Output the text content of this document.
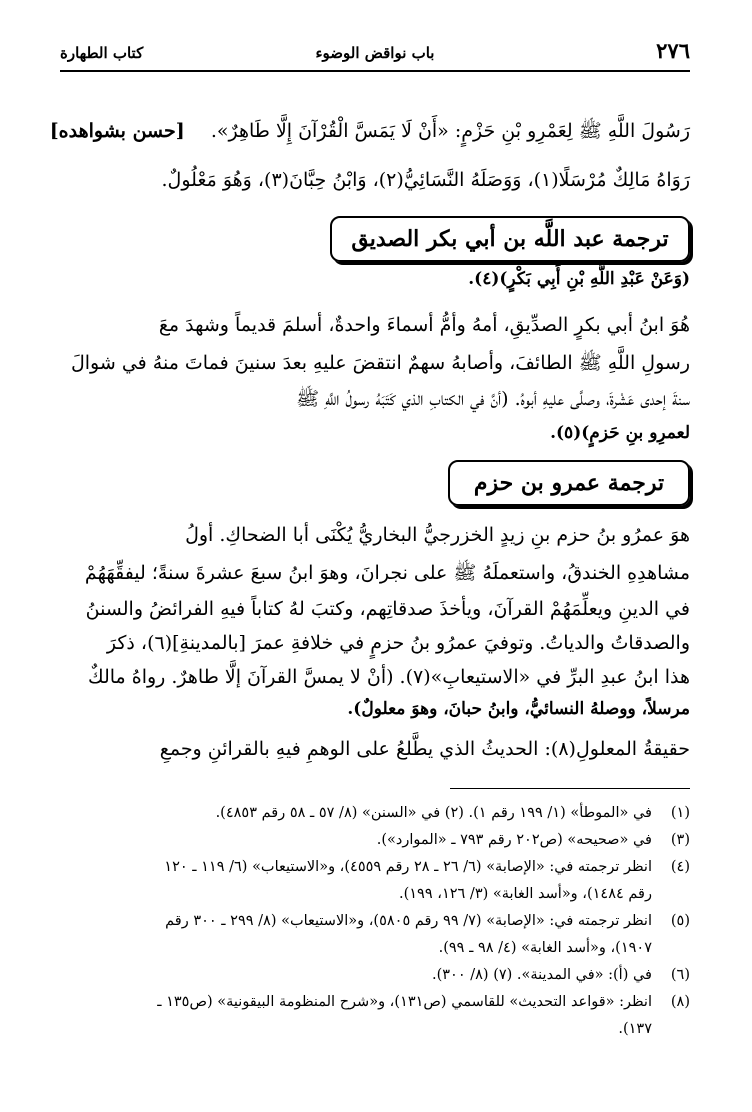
٢٧٦
باب نواقض الوضوء
كتاب الطهارة
رَسُولَ اللَّهِ ﷺ لِعَمْرِو بْنِ حَزْمٍ: «أَنْ لَا يَمَسَّ الْقُرْآنَ إِلَّا طَاهِرٌ».  [حسن بشواهده]
رَوَاهُ مَالِكٌ مُرْسَلًا(١)، وَوَصَلَهُ النَّسَائِيُّ(٢)، وَابْنُ حِبَّانَ(٣)، وَهُوَ مَعْلُولٌ.
ترجمة عبد اللَّه بن أبي بكر الصديق
(وَعَنْ عَبْدِ اللَّهِ بْنِ أَبِي بَكْرٍ)(٤).
هُوَ ابنُ أبي بكرٍ الصدِّيقِ، أمهُ وأمُّ أسماءَ واحدةٌ، أسلمَ قديماً وشهدَ معَ
رسولِ اللَّهِ ﷺ الطائفَ، وأصابهُ سهمٌ انتقضَ عليهِ بعدَ سنينَ فماتَ منهُ في شوالَ
سنةَ إحدى عَشْرةَ، وصلَّى عليهِ أبوهُ. (أنَّ في الكتابِ الذي كَتَبَهُ رسولُ اللَّهِ ﷺ
لعمرِو بنِ حَزمٍ)(٥).
ترجمة عمرو بن حزم
هوَ عمرُو بنُ حزم بنِ زيدٍ الخزرجيُّ البخاريُّ يُكْنَى أبا الضحاكِ. أولُ
مشاهدِهِ الخندقُ، واستعملَهُ ﷺ على نجرانَ، وهوَ ابنُ سبعَ عشرةَ سنةً؛ ليفقِّهَهُمْ
في الدينِ ويعلِّمَهُمْ القرآنَ، ويأخذَ صدقاتِهم، وكتبَ لهُ كتاباً فيهِ الفرائضُ والسننُ
والصدقاتُ والدياتُ. وتوفيَ عمرُو بنُ حزمٍ في خلافةِ عمرَ [بالمدينةِ](٦)، ذكرَ
هذا ابنُ عبدِ البرِّ في «الاستيعابِ»(٧). (أنْ لا يمسَّ القرآنَ إلَّا طاهرٌ. رواهُ مالكٌ
مرسلاً، ووصلهُ النسائيُّ، وابنُ حبانَ، وهوَ معلولٌ).
حقيقةُ المعلولِ(٨): الحديثُ الذي يطَّلعُ على الوهمِ فيهِ بالقرائنِ وجمعِ
(١)في «الموطأ» (١/ ١٩٩ رقم ١). (٢) في «السنن» (٨/ ٥٧ ـ ٥٨ رقم ٤٨٥٣).
(٣)في «صحيحه» (ص٢٠٢ رقم ٧٩٣ ـ «الموارد»).
(٤)انظر ترجمته في: «الإصابة» (٦/ ٢٦ ـ ٢٨ رقم ٤٥٥٩)، و«الاستيعاب» (٦/ ١١٩ ـ ١٢٠
رقم ١٤٨٤)، و«أسد الغابة» (٣/ ١٢٦، ١٩٩).
(٥)انظر ترجمته في: «الإصابة» (٧/ ٩٩ رقم ٥٨٠٥)، و«الاستيعاب» (٨/ ٢٩٩ ـ ٣٠٠ رقم
١٩٠٧)، و«أسد الغابة» (٤/ ٩٨ ـ ٩٩).
(٦)في (أ): «في المدينة». (٧) (٨/ ٣٠٠).
(٨)انظر: «قواعد التحديث» للقاسمي (ص١٣١)، و«شرح المنظومة البيقونية» (ص١٣٥ ـ
١٣٧).
